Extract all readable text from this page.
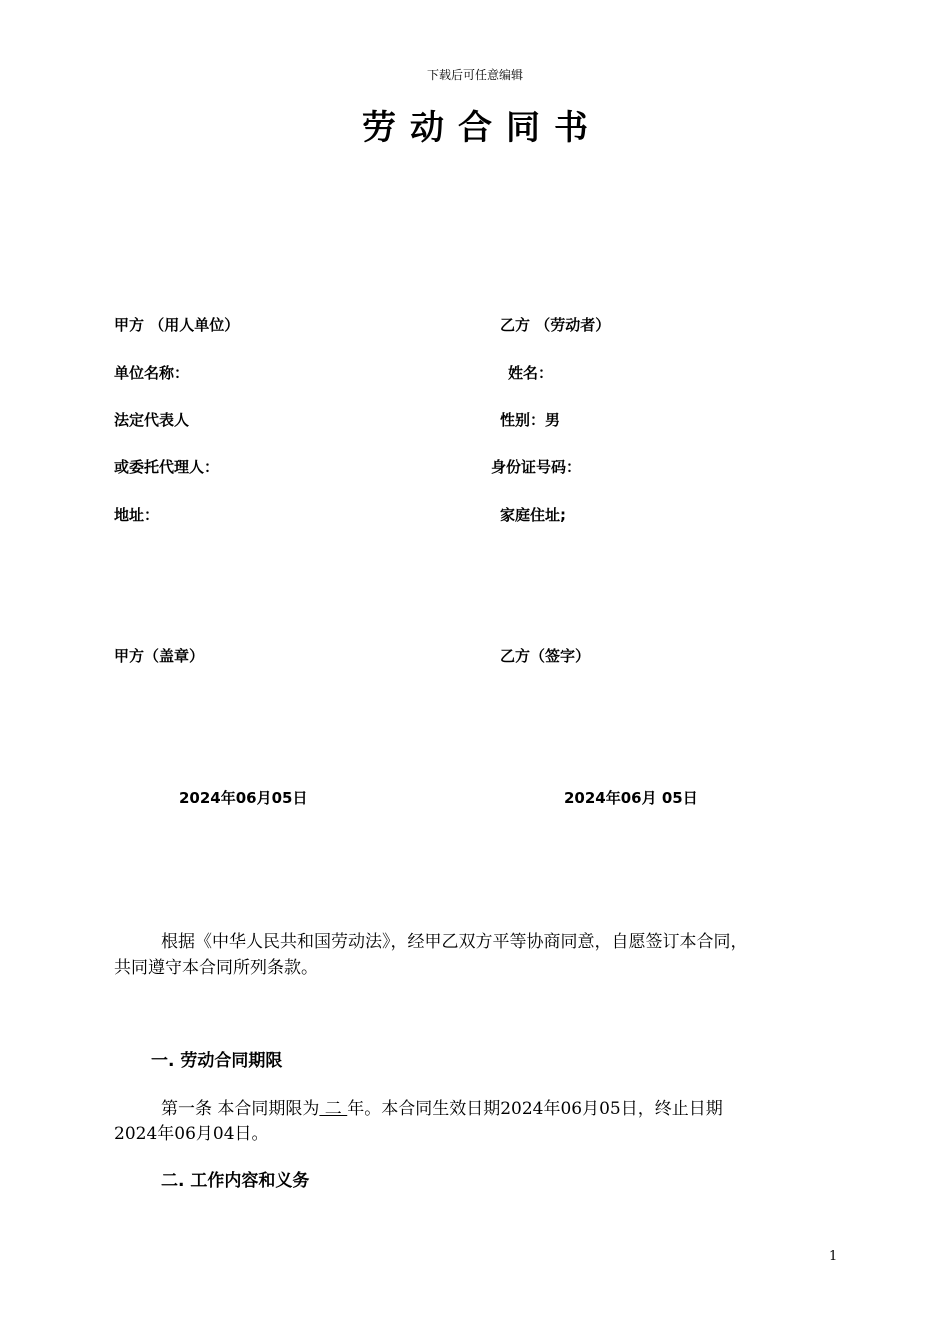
下载后可任意编辑
劳动合同书
甲方 （用人单位）
单位名称：
法定代表人
或委托代理人：
地址：
甲方（盖章）
2024年06月05日
乙方 （劳动者）
姓名：
性别：男
身份证号码：
家庭住址;
乙方（签字）
2024年06月 05日
根据《中华人民共和国劳动法》，经甲乙双方平等协商同意，自愿签订本合同，
共同遵守本合同所列条款。
一. 劳动合同期限
第一条 本合同期限为 二 年。本合同生效日期2024年06月05日，终止日期
2024年06月04日。
二. 工作内容和义务
1
